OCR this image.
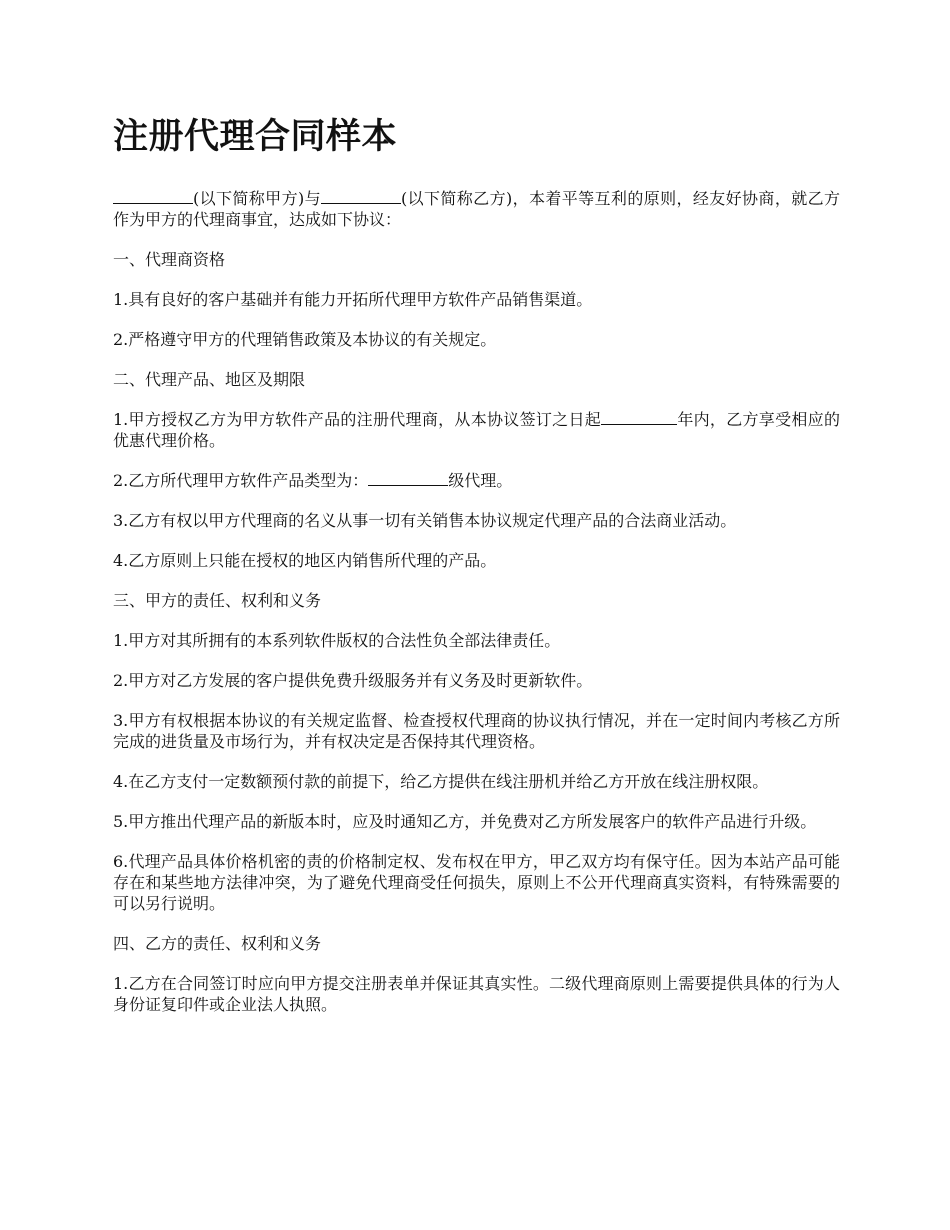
注册代理合同样本

(以下简称甲方)与	(以下简称乙方)，本着平等互利的原则，经友好协商，就乙方作为甲方的代理商事宜，达成如下协议：

一、代理商资格

1.具有良好的客户基础并有能力开拓所代理甲方软件产品销售渠道。

2.严格遵守甲方的代理销售政策及本协议的有关规定。

二、代理产品、地区及期限

1.甲方授权乙方为甲方软件产品的注册代理商，从本协议签订之日起	年内，乙方享受相应的优惠代理价格。

2.乙方所代理甲方软件产品类型为：	级代理。

3.乙方有权以甲方代理商的名义从事一切有关销售本协议规定代理产品的合法商业活动。

4.乙方原则上只能在授权的地区内销售所代理的产品。

三、甲方的责任、权利和义务

1.甲方对其所拥有的本系列软件版权的合法性负全部法律责任。

2.甲方对乙方发展的客户提供免费升级服务并有义务及时更新软件。

3.甲方有权根据本协议的有关规定监督、检查授权代理商的协议执行情况，并在一定时间内考核乙方所完成的进货量及市场行为，并有权决定是否保持其代理资格。

4.在乙方支付一定数额预付款的前提下，给乙方提供在线注册机并给乙方开放在线注册权限。

5.甲方推出代理产品的新版本时，应及时通知乙方，并免费对乙方所发展客户的软件产品进行升级。

6.代理产品具体价格机密的责的价格制定权、发布权在甲方，甲乙双方均有保守任。因为本站产品可能存在和某些地方法律冲突，为了避免代理商受任何损失，原则上不公开代理商真实资料，有特殊需要的可以另行说明。

四、乙方的责任、权利和义务

1.乙方在合同签订时应向甲方提交注册表单并保证其真实性。二级代理商原则上需要提供具体的行为人身份证复印件或企业法人执照。
